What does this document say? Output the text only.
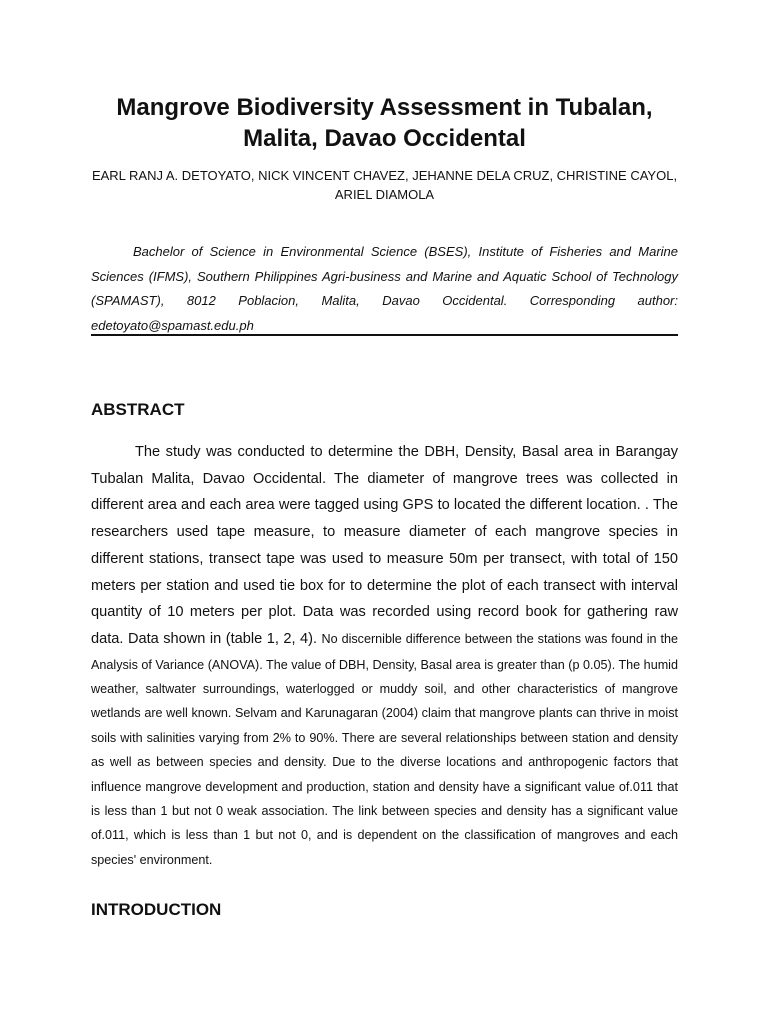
Mangrove Biodiversity Assessment in Tubalan, Malita, Davao Occidental

EARL RANJ A. DETOYATO, NICK VINCENT CHAVEZ, JEHANNE DELA CRUZ, CHRISTINE CAYOL, ARIEL DIAMOLA

Bachelor of Science in Environmental Science (BSES), Institute of Fisheries and Marine Sciences (IFMS), Southern Philippines Agri-business and Marine and Aquatic School of Technology (SPAMAST), 8012 Poblacion, Malita, Davao Occidental. Corresponding author: edetoyato@spamast.edu.ph

ABSTRACT

The study was conducted to determine the DBH, Density, Basal area in Barangay Tubalan Malita, Davao Occidental. The diameter of mangrove trees was collected in different area and each area were tagged using GPS to located the different location. . The researchers used tape measure, to measure diameter of each mangrove species in different stations, transect tape was used to measure 50m per transect, with total of 150 meters per station and used tie box for to determine the plot of each transect with interval quantity of 10 meters per plot. Data was recorded using record book for gathering raw data. Data shown in (table 1, 2, 4). No discernible difference between the stations was found in the Analysis of Variance (ANOVA). The value of DBH, Density, Basal area is greater than (p 0.05). The humid weather, saltwater surroundings, waterlogged or muddy soil, and other characteristics of mangrove wetlands are well known. Selvam and Karunagaran (2004) claim that mangrove plants can thrive in moist soils with salinities varying from 2% to 90%. There are several relationships between station and density as well as between species and density. Due to the diverse locations and anthropogenic factors that influence mangrove development and production, station and density have a significant value of.011 that is less than 1 but not 0 weak association. The link between species and density has a significant value of.011, which is less than 1 but not 0, and is dependent on the classification of mangroves and each species' environment.

INTRODUCTION
